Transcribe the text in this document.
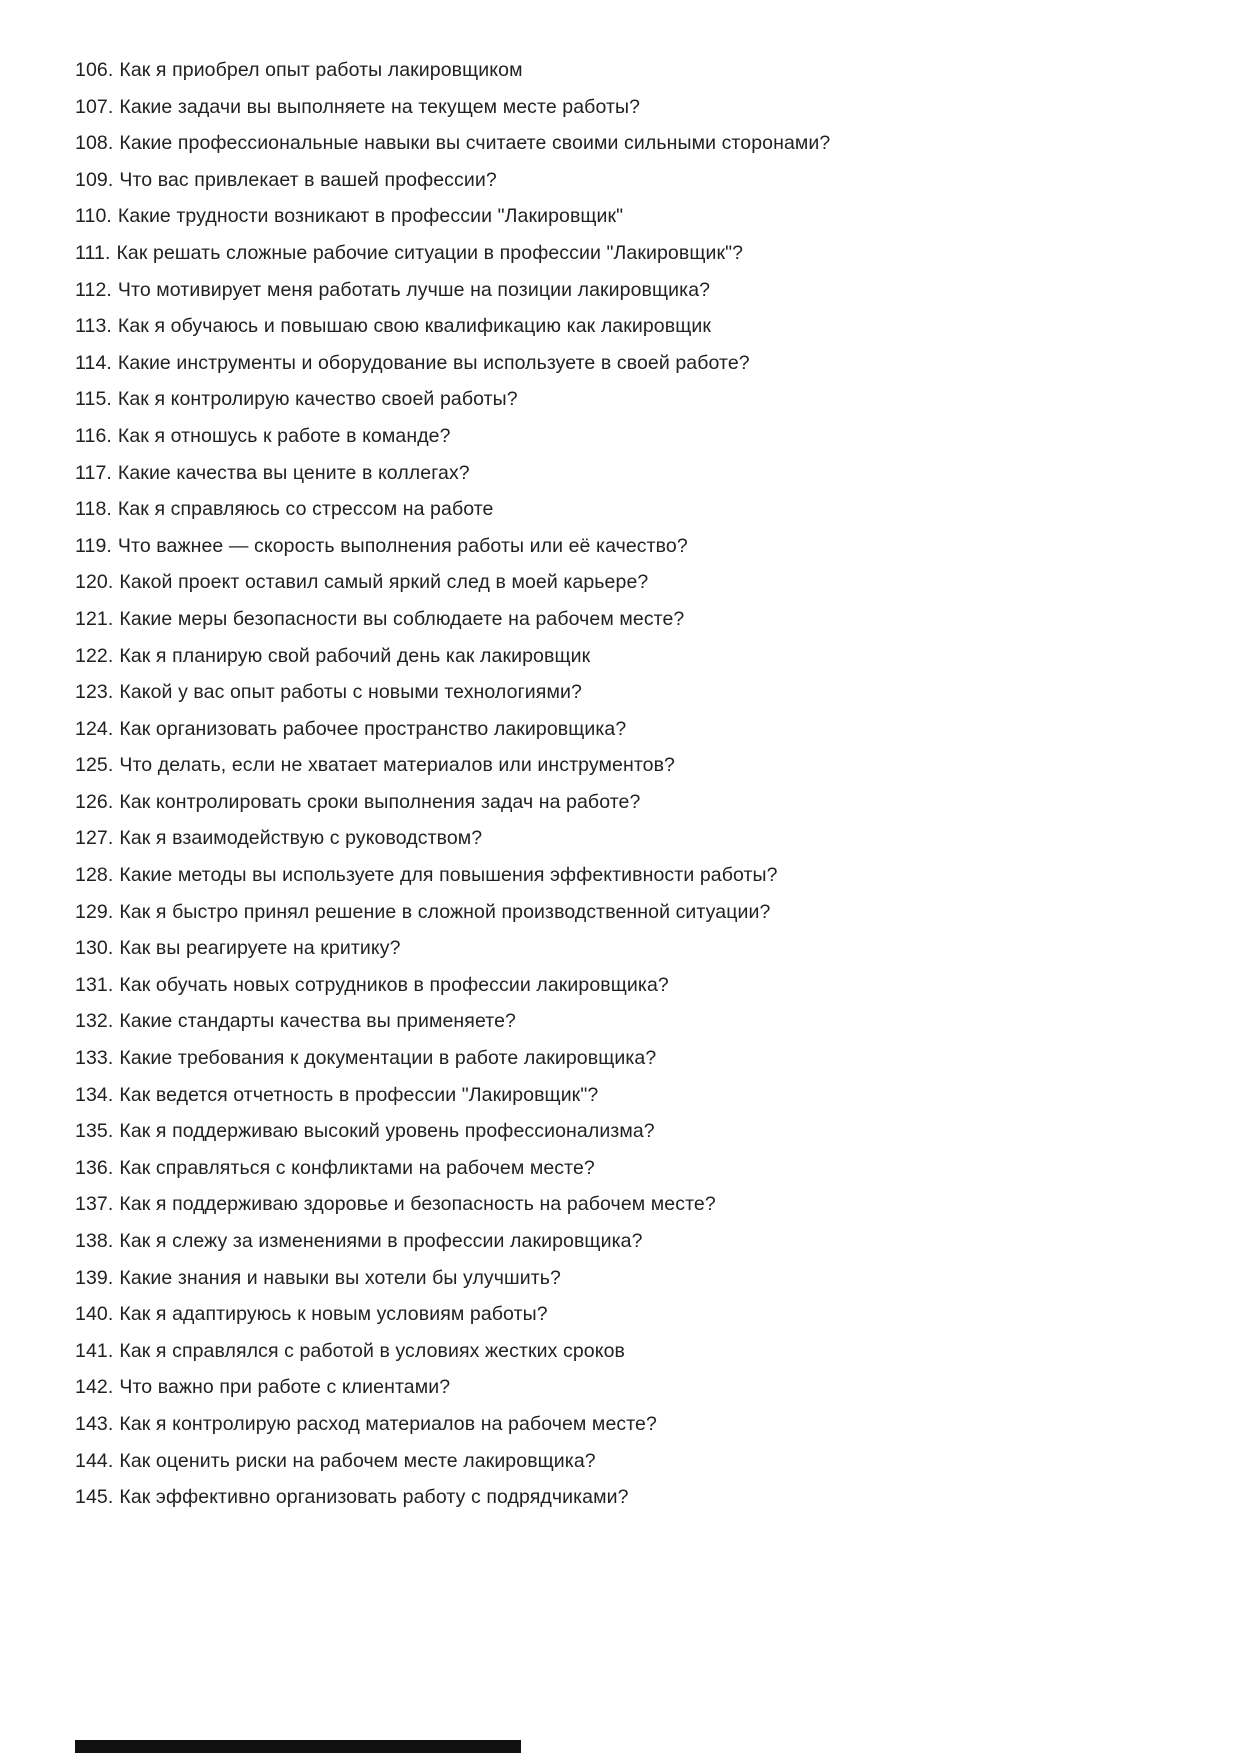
106. Как я приобрел опыт работы лакировщиком
107. Какие задачи вы выполняете на текущем месте работы?
108. Какие профессиональные навыки вы считаете своими сильными сторонами?
109. Что вас привлекает в вашей профессии?
110. Какие трудности возникают в профессии "Лакировщик"
111. Как решать сложные рабочие ситуации в профессии "Лакировщик"?
112. Что мотивирует меня работать лучше на позиции лакировщика?
113. Как я обучаюсь и повышаю свою квалификацию как лакировщик
114. Какие инструменты и оборудование вы используете в своей работе?
115. Как я контролирую качество своей работы?
116. Как я отношусь к работе в команде?
117. Какие качества вы цените в коллегах?
118. Как я справляюсь со стрессом на работе
119. Что важнее — скорость выполнения работы или её качество?
120. Какой проект оставил самый яркий след в моей карьере?
121. Какие меры безопасности вы соблюдаете на рабочем месте?
122. Как я планирую свой рабочий день как лакировщик
123. Какой у вас опыт работы с новыми технологиями?
124. Как организовать рабочее пространство лакировщика?
125. Что делать, если не хватает материалов или инструментов?
126. Как контролировать сроки выполнения задач на работе?
127. Как я взаимодействую с руководством?
128. Какие методы вы используете для повышения эффективности работы?
129. Как я быстро принял решение в сложной производственной ситуации?
130. Как вы реагируете на критику?
131. Как обучать новых сотрудников в профессии лакировщика?
132. Какие стандарты качества вы применяете?
133. Какие требования к документации в работе лакировщика?
134. Как ведется отчетность в профессии "Лакировщик"?
135. Как я поддерживаю высокий уровень профессионализма?
136. Как справляться с конфликтами на рабочем месте?
137. Как я поддерживаю здоровье и безопасность на рабочем месте?
138. Как я слежу за изменениями в профессии лакировщика?
139. Какие знания и навыки вы хотели бы улучшить?
140. Как я адаптируюсь к новым условиям работы?
141. Как я справлялся с работой в условиях жестких сроков
142. Что важно при работе с клиентами?
143. Как я контролирую расход материалов на рабочем месте?
144. Как оценить риски на рабочем месте лакировщика?
145. Как эффективно организовать работу с подрядчиками?
